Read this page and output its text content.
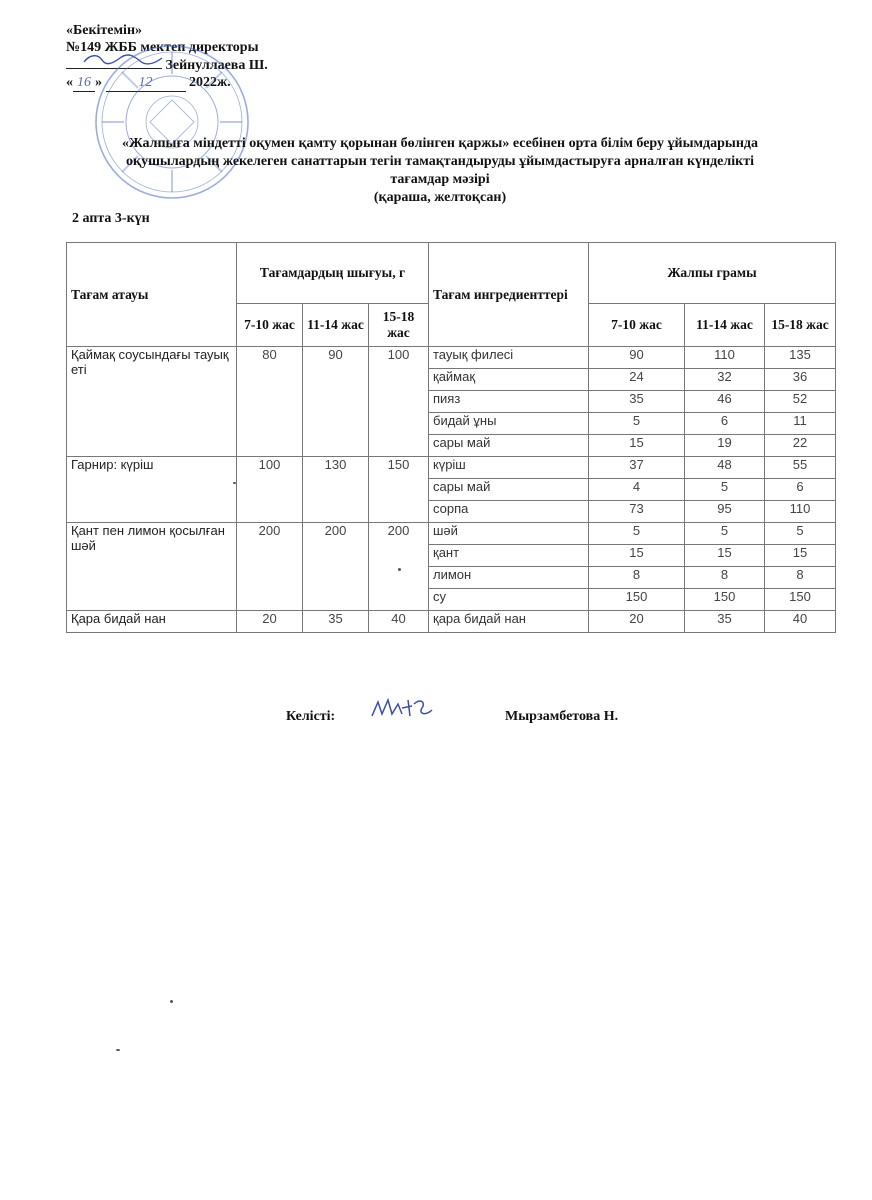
«Бекітемін»
№149 ЖББ мектеп директоры
Зейнуллаева Ш.
« 16 »	12	2022ж.
«Жалпыға міндетті оқумен қамту қорынан бөлінген қаржы» есебінен орта білім беру ұйымдарында
оқушылардың жекелеген санаттарын тегін тамақтандыруды ұйымдастыруға арналған күнделікті
тағамдар мәзірі
(қараша, желтоқсан)
2 апта 3-күн
Тағам атауы	Тағамдардың шығуы, г			Тағам ингредиенттері	Жалпы грамы		
	7-10 жас	11-14 жас	15-18 жас		7-10 жас	11-14 жас	15-18 жас
Қаймақ соусындағы тауық еті	80	90	100	тауық филесі	90	110	135
				қаймақ	24	32	36
				пияз	35	46	52
				бидай ұны	5	6	11
				сары май	15	19	22
Гарнир: күріш	100	130	150	күріш	37	48	55
				сары май	4	5	6
				сорпа	73	95	110
Қант пен лимон қосылған шәй	200	200	200	шәй	5	5	5
				қант	15	15	15
				лимон	8	8	8
				су	150	150	150
Қара бидай нан	20	35	40	қара бидай нан	20	35	40
Келісті:	Мырзамбетова Н.
